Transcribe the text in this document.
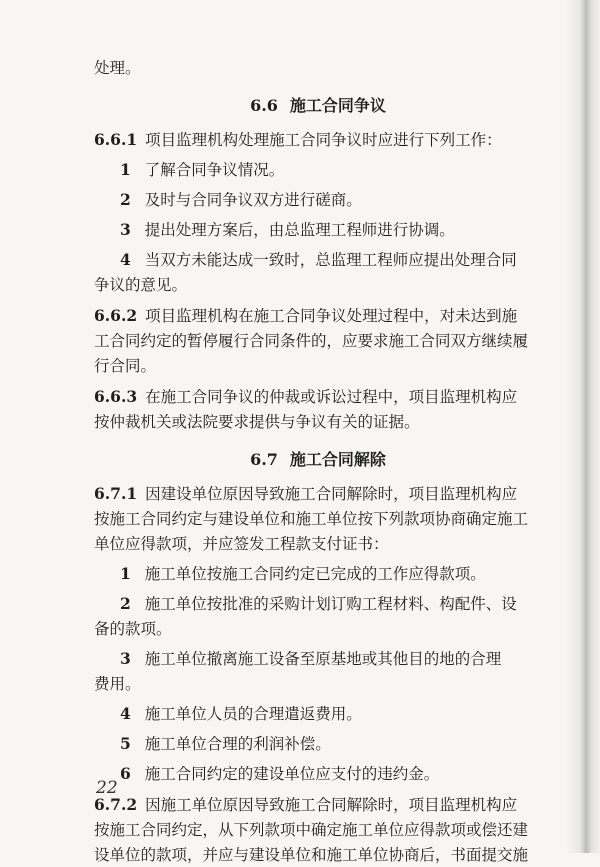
处理。
6.6 施工合同争议
6.6.1 项目监理机构处理施工合同争议时应进行下列工作：
1 了解合同争议情况。
2 及时与合同争议双方进行磋商。
3 提出处理方案后，由总监理工程师进行协调。
4 当双方未能达成一致时，总监理工程师应提出处理合同
争议的意见。
6.6.2 项目监理机构在施工合同争议处理过程中，对未达到施
工合同约定的暂停履行合同条件的，应要求施工合同双方继续履
行合同。
6.6.3 在施工合同争议的仲裁或诉讼过程中，项目监理机构应
按仲裁机关或法院要求提供与争议有关的证据。
6.7 施工合同解除
6.7.1 因建设单位原因导致施工合同解除时，项目监理机构应
按施工合同约定与建设单位和施工单位按下列款项协商确定施工
单位应得款项，并应签发工程款支付证书：
1 施工单位按施工合同约定已完成的工作应得款项。
2 施工单位按批准的采购计划订购工程材料、构配件、设
备的款项。
3 施工单位撤离施工设备至原基地或其他目的地的合理
费用。
4 施工单位人员的合理遣返费用。
5 施工单位合理的利润补偿。
6 施工合同约定的建设单位应支付的违约金。
6.7.2 因施工单位原因导致施工合同解除时，项目监理机构应
按施工合同约定，从下列款项中确定施工单位应得款项或偿还建
设单位的款项，并应与建设单位和施工单位协商后，书面提交施
22
